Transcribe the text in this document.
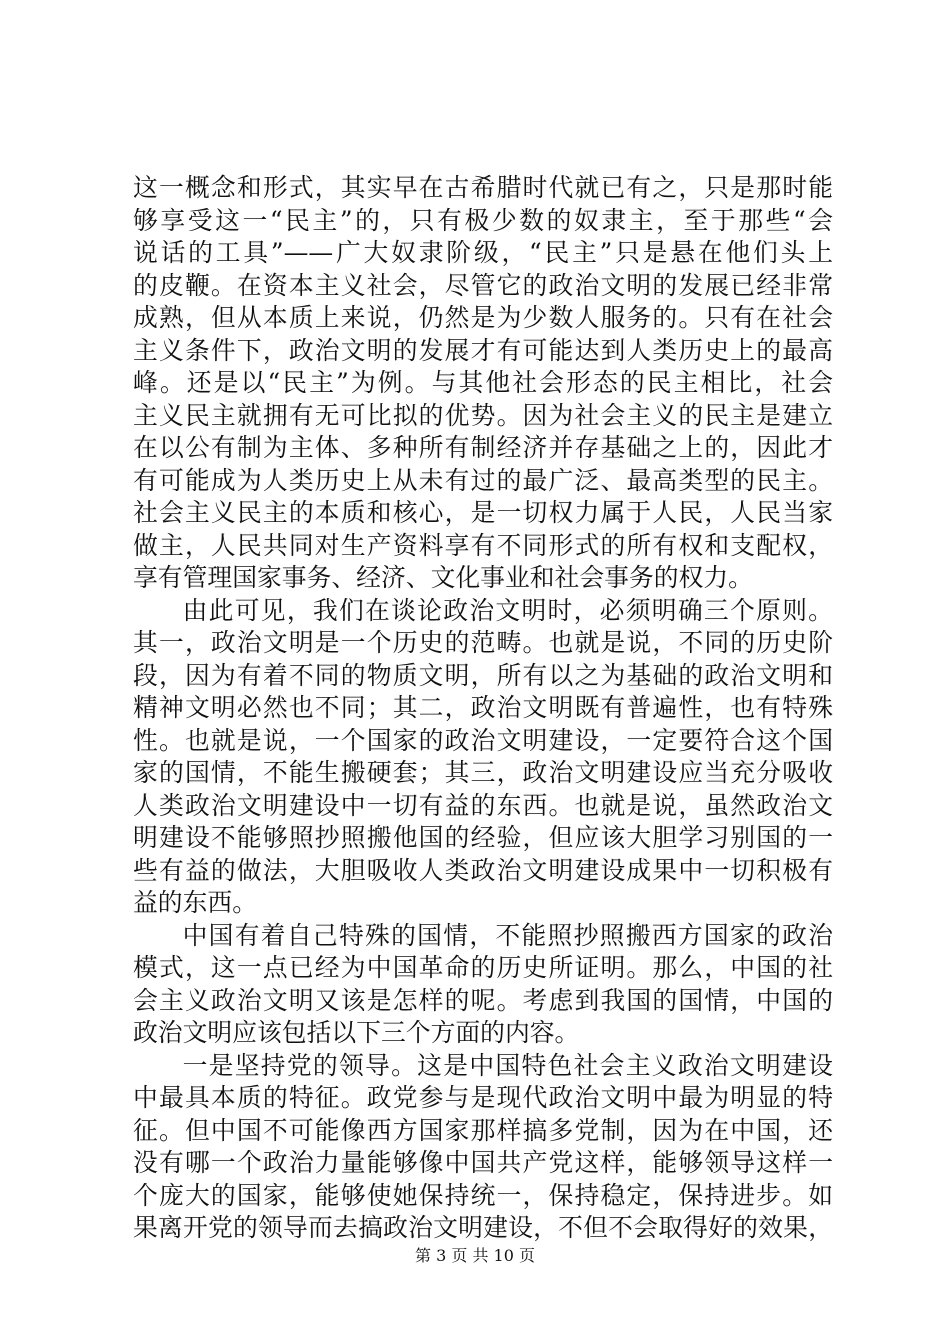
这一概念和形式，其实早在古希腊时代就已有之，只是那时能
够享受这一“民主”的，只有极少数的奴隶主，至于那些“会
说话的工具”——广大奴隶阶级，“民主”只是悬在他们头上
的皮鞭。在资本主义社会，尽管它的政治文明的发展已经非常
成熟，但从本质上来说，仍然是为少数人服务的。只有在社会
主义条件下，政治文明的发展才有可能达到人类历史上的最高
峰。还是以“民主”为例。与其他社会形态的民主相比，社会
主义民主就拥有无可比拟的优势。因为社会主义的民主是建立
在以公有制为主体、多种所有制经济并存基础之上的，因此才
有可能成为人类历史上从未有过的最广泛、最高类型的民主。
社会主义民主的本质和核心，是一切权力属于人民，人民当家
做主，人民共同对生产资料享有不同形式的所有权和支配权，
享有管理国家事务、经济、文化事业和社会事务的权力。
由此可见，我们在谈论政治文明时，必须明确三个原则。
其一，政治文明是一个历史的范畴。也就是说，不同的历史阶
段，因为有着不同的物质文明，所有以之为基础的政治文明和
精神文明必然也不同；其二，政治文明既有普遍性，也有特殊
性。也就是说，一个国家的政治文明建设，一定要符合这个国
家的国情，不能生搬硬套；其三，政治文明建设应当充分吸收
人类政治文明建设中一切有益的东西。也就是说，虽然政治文
明建设不能够照抄照搬他国的经验，但应该大胆学习别国的一
些有益的做法，大胆吸收人类政治文明建设成果中一切积极有
益的东西。
中国有着自己特殊的国情，不能照抄照搬西方国家的政治
模式，这一点已经为中国革命的历史所证明。那么，中国的社
会主义政治文明又该是怎样的呢。考虑到我国的国情，中国的
政治文明应该包括以下三个方面的内容。
一是坚持党的领导。这是中国特色社会主义政治文明建设
中最具本质的特征。政党参与是现代政治文明中最为明显的特
征。但中国不可能像西方国家那样搞多党制，因为在中国，还
没有哪一个政治力量能够像中国共产党这样，能够领导这样一
个庞大的国家，能够使她保持统一，保持稳定，保持进步。如
果离开党的领导而去搞政治文明建设，不但不会取得好的效果，
第 3 页 共 10 页
